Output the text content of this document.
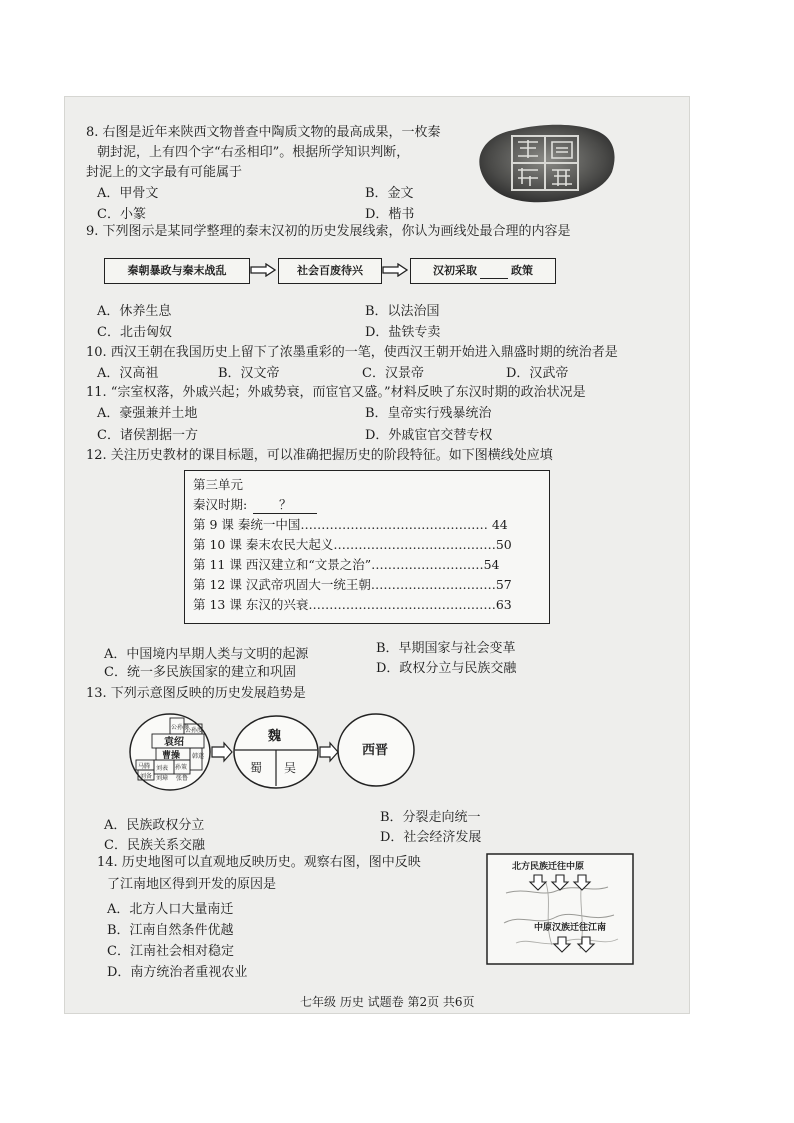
8. 右图是近年来陕西文物普查中陶质文物的最高成果，一枚秦
朝封泥，上有四个字“右丞相印”。根据所学知识判断，
封泥上的文字最有可能属于
A．甲骨文	B．金文
C．小篆	D．楷书
9. 下列图示是某同学整理的秦末汉初的历史发展线索，你认为画线处最合理的内容是
秦朝暴政与秦末战乱	社会百废待兴	汉初采取	政策
A．休养生息	B．以法治国
C．北击匈奴	D．盐铁专卖
10. 西汉王朝在我国历史上留下了浓墨重彩的一笔，使西汉王朝开始进入鼎盛时期的统治者是
A．汉高祖	B．汉文帝	C．汉景帝	D．汉武帝
11. “宗室权落，外戚兴起；外戚势衰，而宦官又盛。”材料反映了东汉时期的政治状况是
A．豪强兼并土地	B．皇帝实行残暴统治
C．诸侯割据一方	D．外戚宦官交替专权
12. 关注历史教材的课目标题，可以准确把握历史的阶段特征。如下图横线处应填
第三单元
秦汉时期:	？
第 9 课 秦统一中国……………………………………… 44
第 10 课 秦末农民大起义…………………………………50
第 11 课 西汉建立和“文景之治”………………………54
第 12 课 汉武帝巩固大一统王朝…………………………57
第 13 课 东汉的兴衰………………………………………63
A．中国境内早期人类与文明的起源	B．早期国家与社会变革
C．统一多民族国家的建立和巩固	D．政权分立与民族交融
13. 下列示意图反映的历史发展趋势是
公孙瓒
公孙度
袁绍
曹操
马腾 刘表 孙策
刘备 刘璋 张鲁
韩遂
魏
蜀 吴
西晋
A．民族政权分立
B．分裂走向统一
C．民族关系交融
D．社会经济发展
14. 历史地图可以直观地反映历史。观察右图，图中反映
了江南地区得到开发的原因是
A．北方人口大量南迁
B．江南自然条件优越
C．江南社会相对稳定
D．南方统治者重视农业
北方民族迁往中原
中原汉族迁往江南
七年级 历史 试题卷 第2页 共6页
